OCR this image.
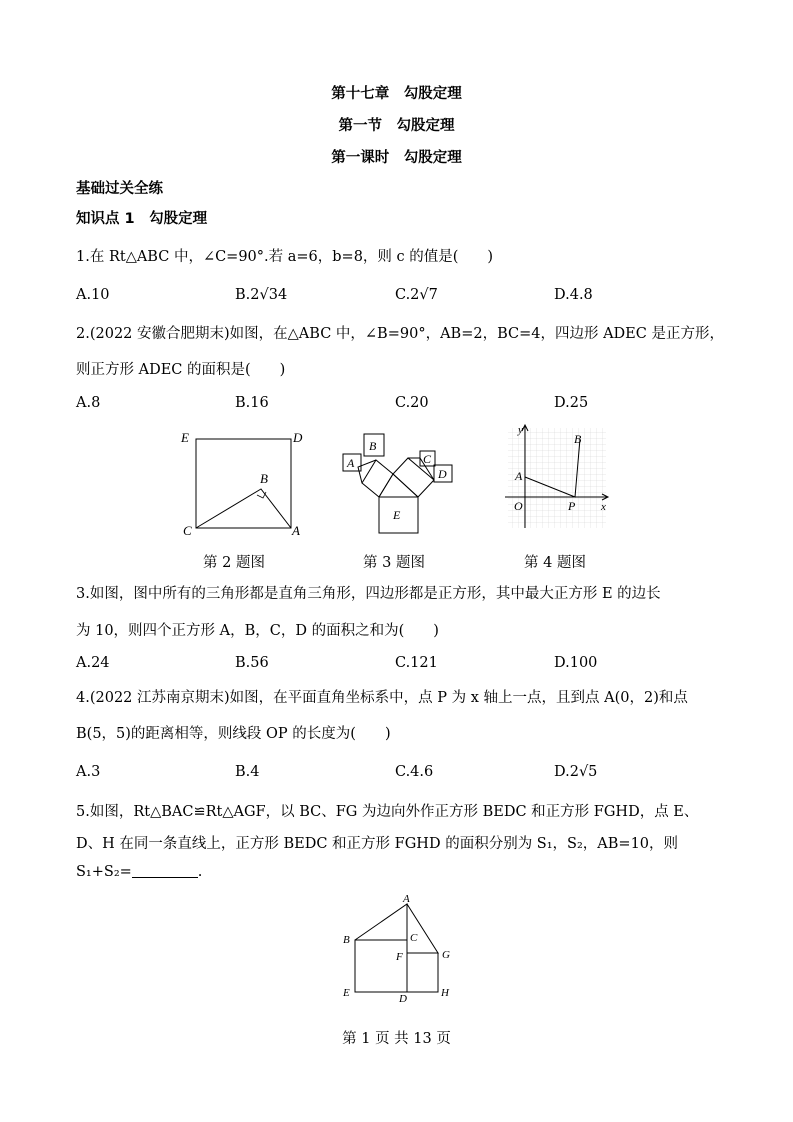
第十七章　勾股定理
第一节　勾股定理
第一课时　勾股定理
基础过关全练
知识点 1　勾股定理
1.在 Rt△ABC 中，∠C=90°.若 a=6，b=8，则 c 的值是(　　)
A.10	B.2√34	C.2√7	D.4.8
2.(2022 安徽合肥期末)如图，在△ABC 中，∠B=90°，AB=2，BC=4，四边形 ADEC 是正方形，
则正方形 ADEC 的面积是(　　)
A.8	B.16	C.20	D.25
E	D
B
C	A
第 2 题图
B
A	C
D
E
第 3 题图
y
B
A
O	P x
第 4 题图
3.如图，图中所有的三角形都是直角三角形，四边形都是正方形，其中最大正方形 E 的边长
为 10，则四个正方形 A，B，C，D 的面积之和为(　　)
A.24	B.56	C.121	D.100
4.(2022 江苏南京期末)如图，在平面直角坐标系中，点 P 为 x 轴上一点，且到点 A(0，2)和点
B(5，5)的距离相等，则线段 OP 的长度为(　　)
A.3	B.4	C.4.6	D.2√5
5.如图，Rt△BAC≌Rt△AGF，以 BC、FG 为边向外作正方形 BEDC 和正方形 FGHD，点 E、
D、H 在同一条直线上，正方形 BEDC 和正方形 FGHD 的面积分别为 S₁，S₂，AB=10，则
S₁+S₂=	.
A
B	C
F	G
E	D	H
第 1 页 共 13 页
